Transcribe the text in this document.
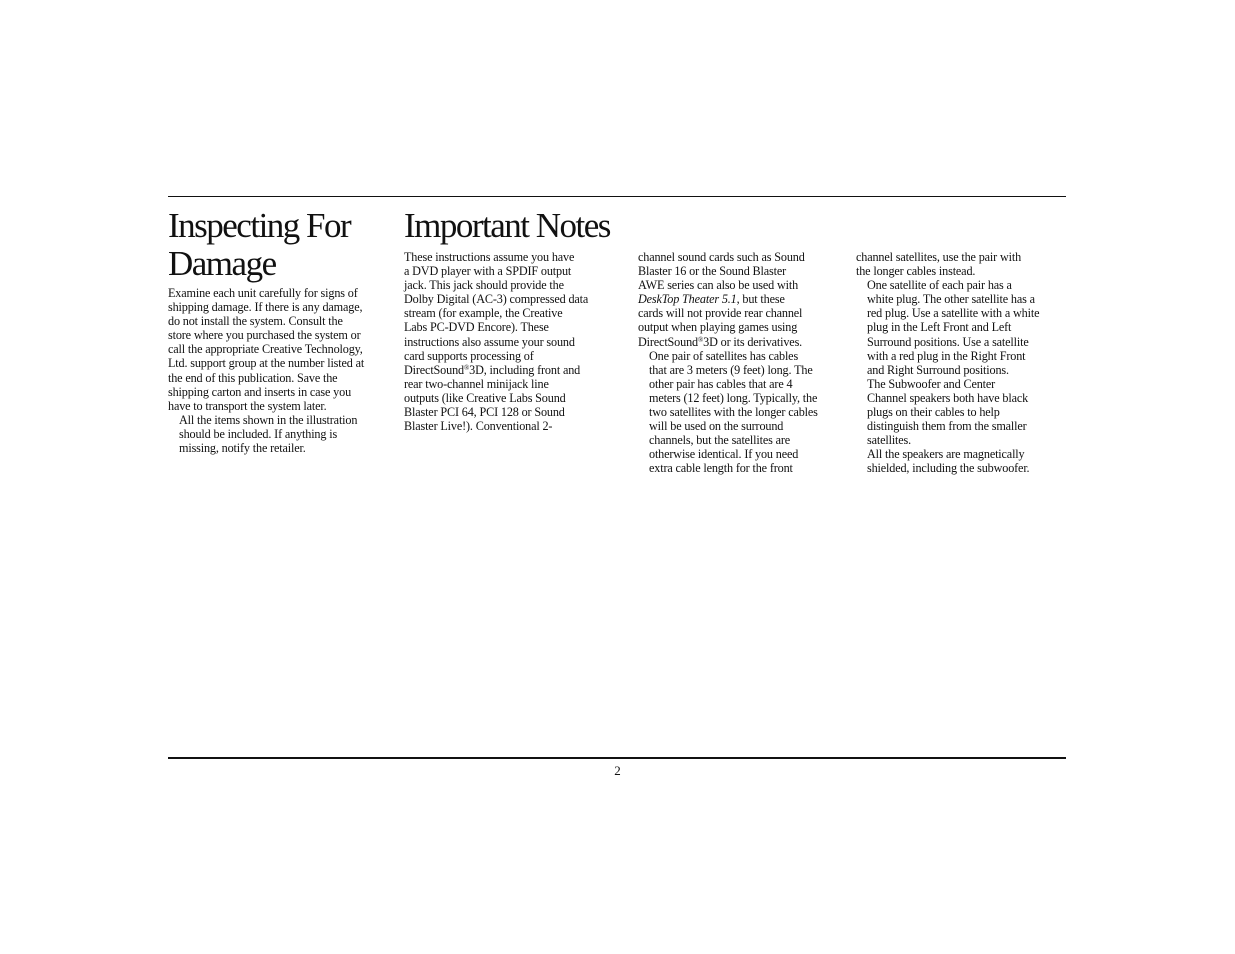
Inspecting For
Damage
Important Notes

Examine each unit carefully for signs of
shipping damage. If there is any damage,
do not install the system. Consult the
store where you purchased the system or
call the appropriate Creative Technology,
Ltd. support group at the number listed at
the end of this publication. Save the
shipping carton and inserts in case you
have to transport the system later.

All the items shown in the illustration
should be included. If anything is
missing, notify the retailer.

These instructions assume you have
a DVD player with a SPDIF output
jack. This jack should provide the
Dolby Digital (AC-3) compressed data
stream (for example, the Creative
Labs PC-DVD Encore). These
instructions also assume your sound
card supports processing of
DirectSound®3D, including front and
rear two-channel minijack line
outputs (like Creative Labs Sound
Blaster PCI 64, PCI 128 or Sound
Blaster Live!). Conventional 2-

channel sound cards such as Sound
Blaster 16 or the Sound Blaster
AWE series can also be used with
DeskTop Theater 5.1, but these
cards will not provide rear channel
output when playing games using
DirectSound®3D or its derivatives.

One pair of satellites has cables
that are 3 meters (9 feet) long. The
other pair has cables that are 4
meters (12 feet) long. Typically, the
two satellites with the longer cables
will be used on the surround
channels, but the satellites are
otherwise identical. If you need
extra cable length for the front

channel satellites, use the pair with
the longer cables instead.

One satellite of each pair has a
white plug. The other satellite has a
red plug. Use a satellite with a white
plug in the Left Front and Left
Surround positions. Use a satellite
with a red plug in the Right Front
and Right Surround positions.

The Subwoofer and Center
Channel speakers both have black
plugs on their cables to help
distinguish them from the smaller
satellites.

All the speakers are magnetically
shielded, including the subwoofer.

2
